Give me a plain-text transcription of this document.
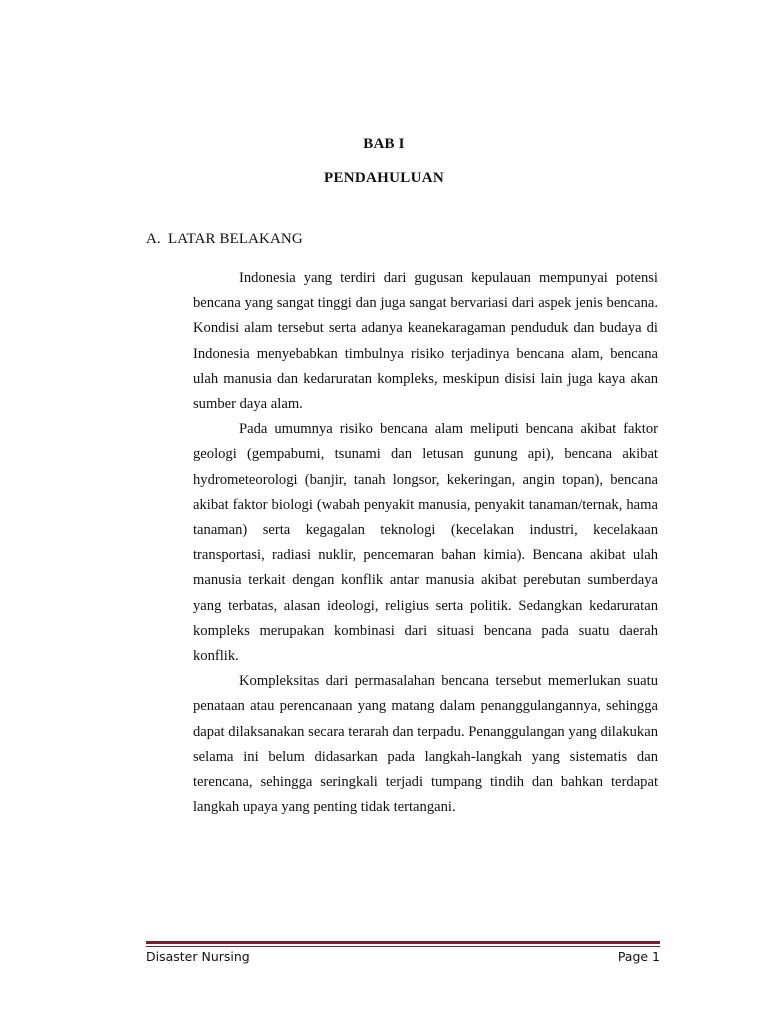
BAB I
PENDAHULUAN
A. LATAR BELAKANG

Indonesia yang terdiri dari gugusan kepulauan mempunyai potensi bencana yang sangat tinggi dan juga sangat bervariasi dari aspek jenis bencana. Kondisi alam tersebut serta adanya keanekaragaman penduduk dan budaya di Indonesia menyebabkan timbulnya risiko terjadinya bencana alam, bencana ulah manusia dan kedaruratan kompleks, meskipun disisi lain juga kaya akan sumber daya alam.

Pada umumnya risiko bencana alam meliputi bencana akibat faktor geologi (gempabumi, tsunami dan letusan gunung api), bencana akibat hydrometeorologi (banjir, tanah longsor, kekeringan, angin topan), bencana akibat faktor biologi (wabah penyakit manusia, penyakit tanaman/ternak, hama tanaman) serta kegagalan teknologi (kecelakan industri, kecelakaan transportasi, radiasi nuklir, pencemaran bahan kimia). Bencana akibat ulah manusia terkait dengan konflik antar manusia akibat perebutan sumberdaya yang terbatas, alasan ideologi, religius serta politik. Sedangkan kedaruratan kompleks merupakan kombinasi dari situasi bencana pada suatu daerah konflik.

Kompleksitas dari permasalahan bencana tersebut memerlukan suatu penataan atau perencanaan yang matang dalam penanggulangannya, sehingga dapat dilaksanakan secara terarah dan terpadu. Penanggulangan yang dilakukan selama ini belum didasarkan pada langkah-langkah yang sistematis dan terencana, sehingga seringkali terjadi tumpang tindih dan bahkan terdapat langkah upaya yang penting tidak tertangani.

Disaster Nursing	Page 1
